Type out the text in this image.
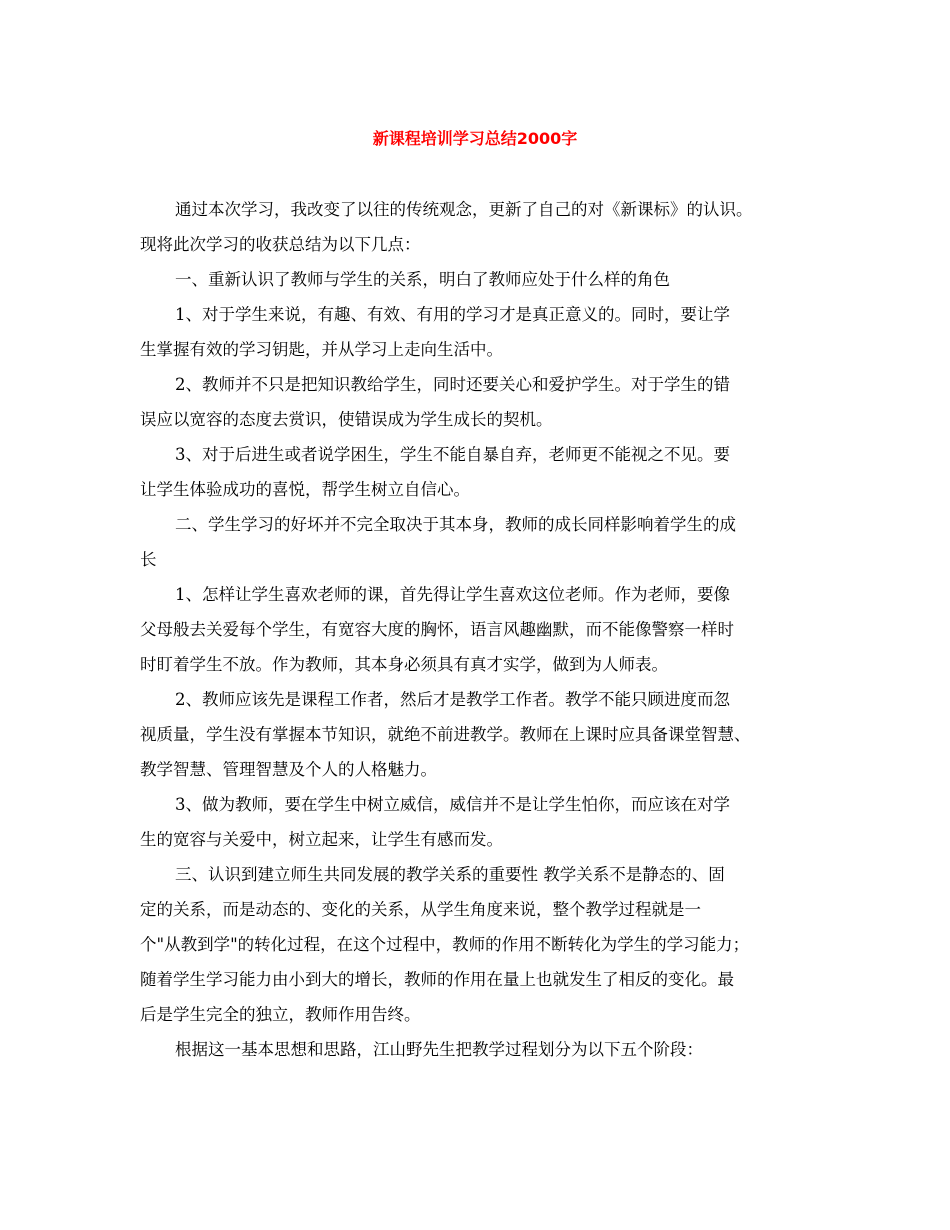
新课程培训学习总结2000字
通过本次学习，我改变了以往的传统观念，更新了自己的对《新课标》的认识。
现将此次学习的收获总结为以下几点：
一、重新认识了教师与学生的关系，明白了教师应处于什么样的角色
1、对于学生来说，有趣、有效、有用的学习才是真正意义的。同时，要让学
生掌握有效的学习钥匙，并从学习上走向生活中。
2、教师并不只是把知识教给学生，同时还要关心和爱护学生。对于学生的错
误应以宽容的态度去赏识，使错误成为学生成长的契机。
3、对于后进生或者说学困生，学生不能自暴自弃，老师更不能视之不见。要
让学生体验成功的喜悦，帮学生树立自信心。
二、学生学习的好坏并不完全取决于其本身，教师的成长同样影响着学生的成
长
1、怎样让学生喜欢老师的课，首先得让学生喜欢这位老师。作为老师，要像
父母般去关爱每个学生，有宽容大度的胸怀，语言风趣幽默，而不能像警察一样时
时盯着学生不放。作为教师，其本身必须具有真才实学，做到为人师表。
2、教师应该先是课程工作者，然后才是教学工作者。教学不能只顾进度而忽
视质量，学生没有掌握本节知识，就绝不前进教学。教师在上课时应具备课堂智慧、
教学智慧、管理智慧及个人的人格魅力。
3、做为教师，要在学生中树立威信，威信并不是让学生怕你，而应该在对学
生的宽容与关爱中，树立起来，让学生有感而发。
三、认识到建立师生共同发展的教学关系的重要性 教学关系不是静态的、固
定的关系，而是动态的、变化的关系，从学生角度来说，整个教学过程就是一
个"从教到学"的转化过程，在这个过程中，教师的作用不断转化为学生的学习能力；
随着学生学习能力由小到大的增长，教师的作用在量上也就发生了相反的变化。最
后是学生完全的独立，教师作用告终。
根据这一基本思想和思路，江山野先生把教学过程划分为以下五个阶段：
